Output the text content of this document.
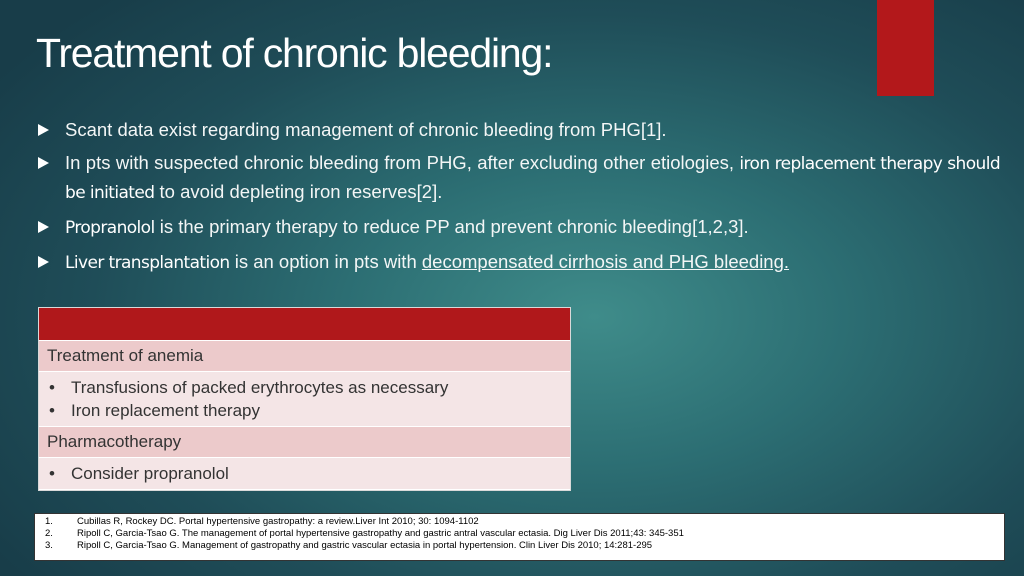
Treatment of chronic bleeding:
Scant data exist regarding management of chronic bleeding from PHG[1].
In pts with suspected chronic bleeding from PHG, after excluding other etiologies, iron replacement therapy should be initiated to avoid depleting iron reserves[2].
Propranolol is the primary therapy to reduce PP and prevent chronic bleeding[1,2,3].
Liver transplantation is an option in pts with decompensated cirrhosis and PHG bleeding.
Treatment of anemia
• Transfusions of packed erythrocytes as necessary
• Iron replacement therapy
Pharmacotherapy
• Consider propranolol
1.	Cubillas R, Rockey DC. Portal hypertensive gastropathy: a review.Liver Int 2010; 30: 1094-1102
2.	Ripoll C, Garcia-Tsao G. The management of portal hypertensive gastropathy and gastric antral vascular ectasia. Dig Liver Dis 2011;43: 345-351
3.	Ripoll C, Garcia-Tsao G. Management of gastropathy and gastric vascular ectasia in portal hypertension. Clin Liver Dis 2010; 14:281-295
